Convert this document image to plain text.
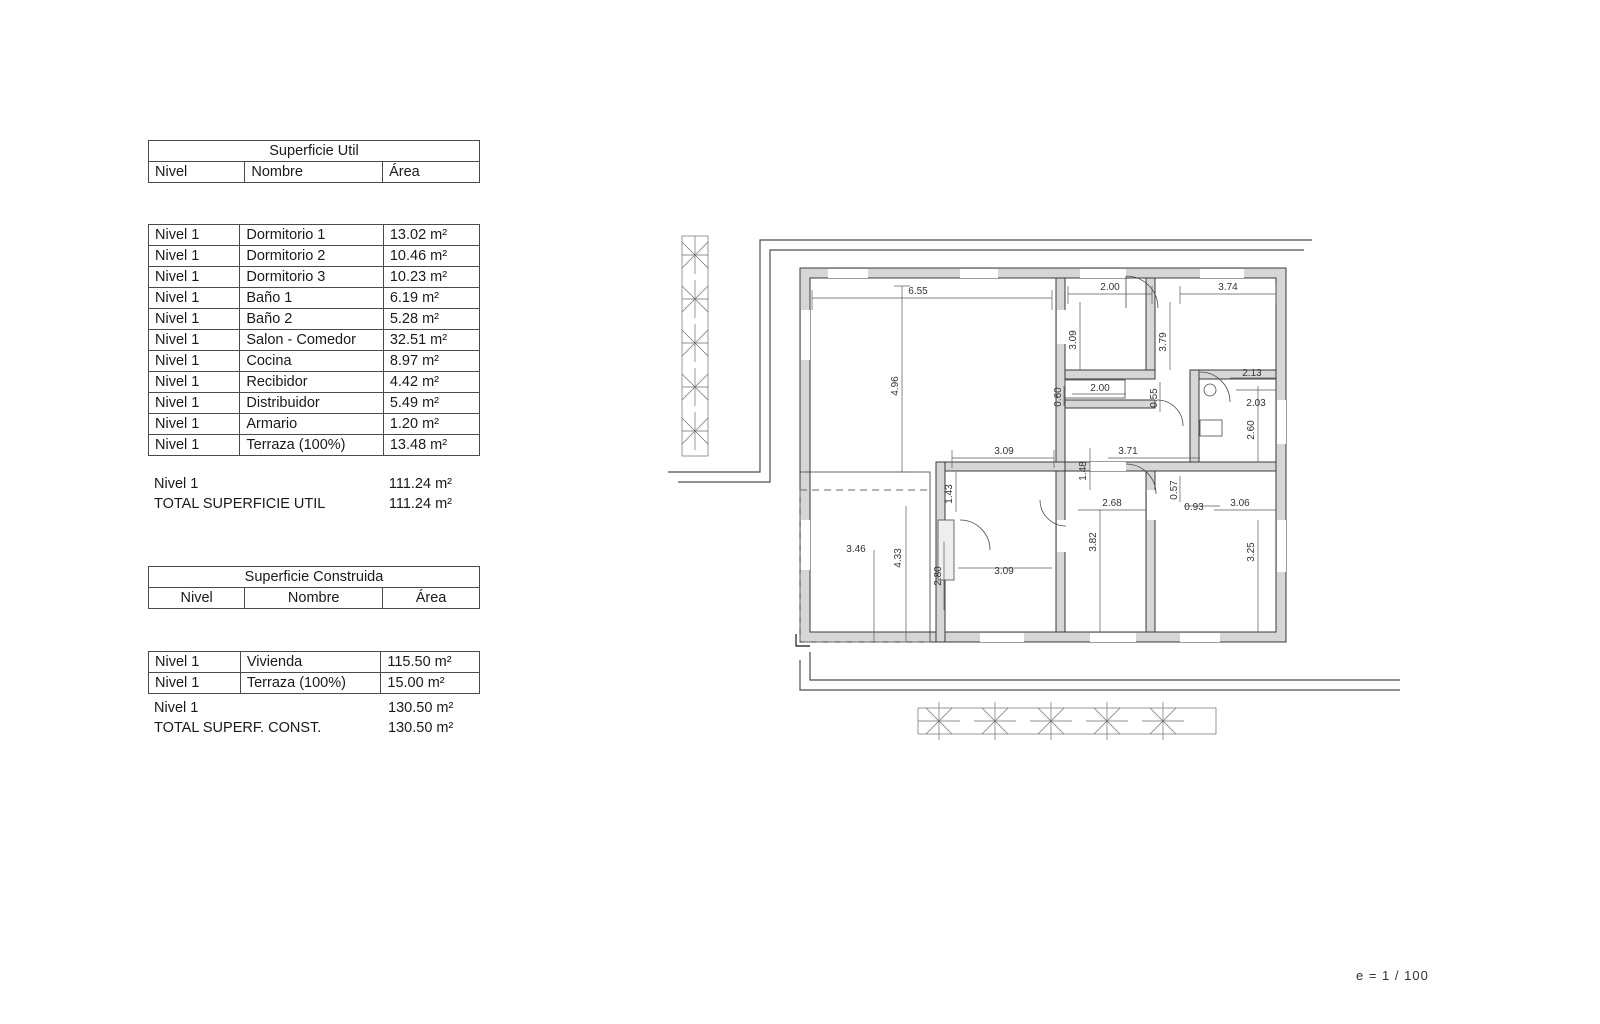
Superficie Util
Nivel	Nombre	Área
Nivel 1	Dormitorio 1	13.02 m²
Nivel 1	Dormitorio 2	10.46 m²
Nivel 1	Dormitorio 3	10.23 m²
Nivel 1	Baño 1	6.19 m²
Nivel 1	Baño 2	5.28 m²
Nivel 1	Salon - Comedor	32.51 m²
Nivel 1	Cocina	8.97 m²
Nivel 1	Recibidor	4.42 m²
Nivel 1	Distribuidor	5.49 m²
Nivel 1	Armario	1.20 m²
Nivel 1	Terraza (100%)	13.48 m²
Nivel 1		111.24 m²
TOTAL SUPERFICIE UTIL		111.24 m²
Superficie Construida
Nivel	Nombre	Área
Nivel 1	Vivienda	115.50 m²
Nivel 1	Terraza (100%)	15.00 m²
Nivel 1		130.50 m²
TOTAL SUPERF. CONST.		130.50 m²
6.55
4.96
2.00	3.74
3.09	3.79
2.13
0.60	2.00	0.55	2.03
3.09
1.48
3.71
2.60
1.43	0.57
0.93
2.68	3.06
3.46	4.33
3.82
3.25
2.80	3.09
e = 1 / 100
